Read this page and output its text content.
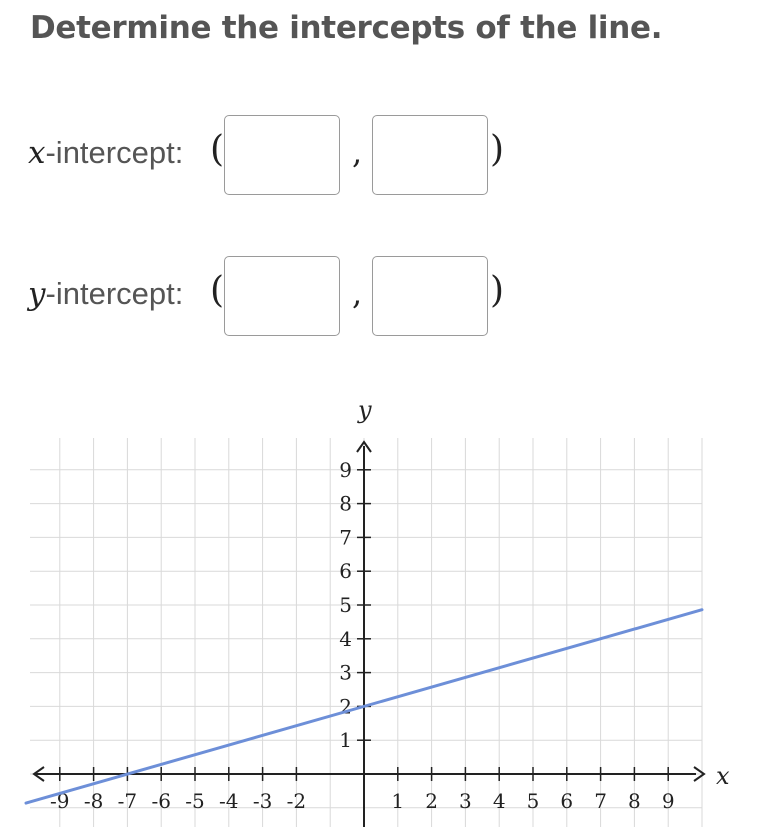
Determine the intercepts of the line.
x-intercept: (	,	)
y-intercept: (	,	)
x
y
-9 -8 -7 -6 -5 -4 -3 -2	1 2 3 4 5 6 7 8 9
1
2
3
4
5
6
7
8
9
